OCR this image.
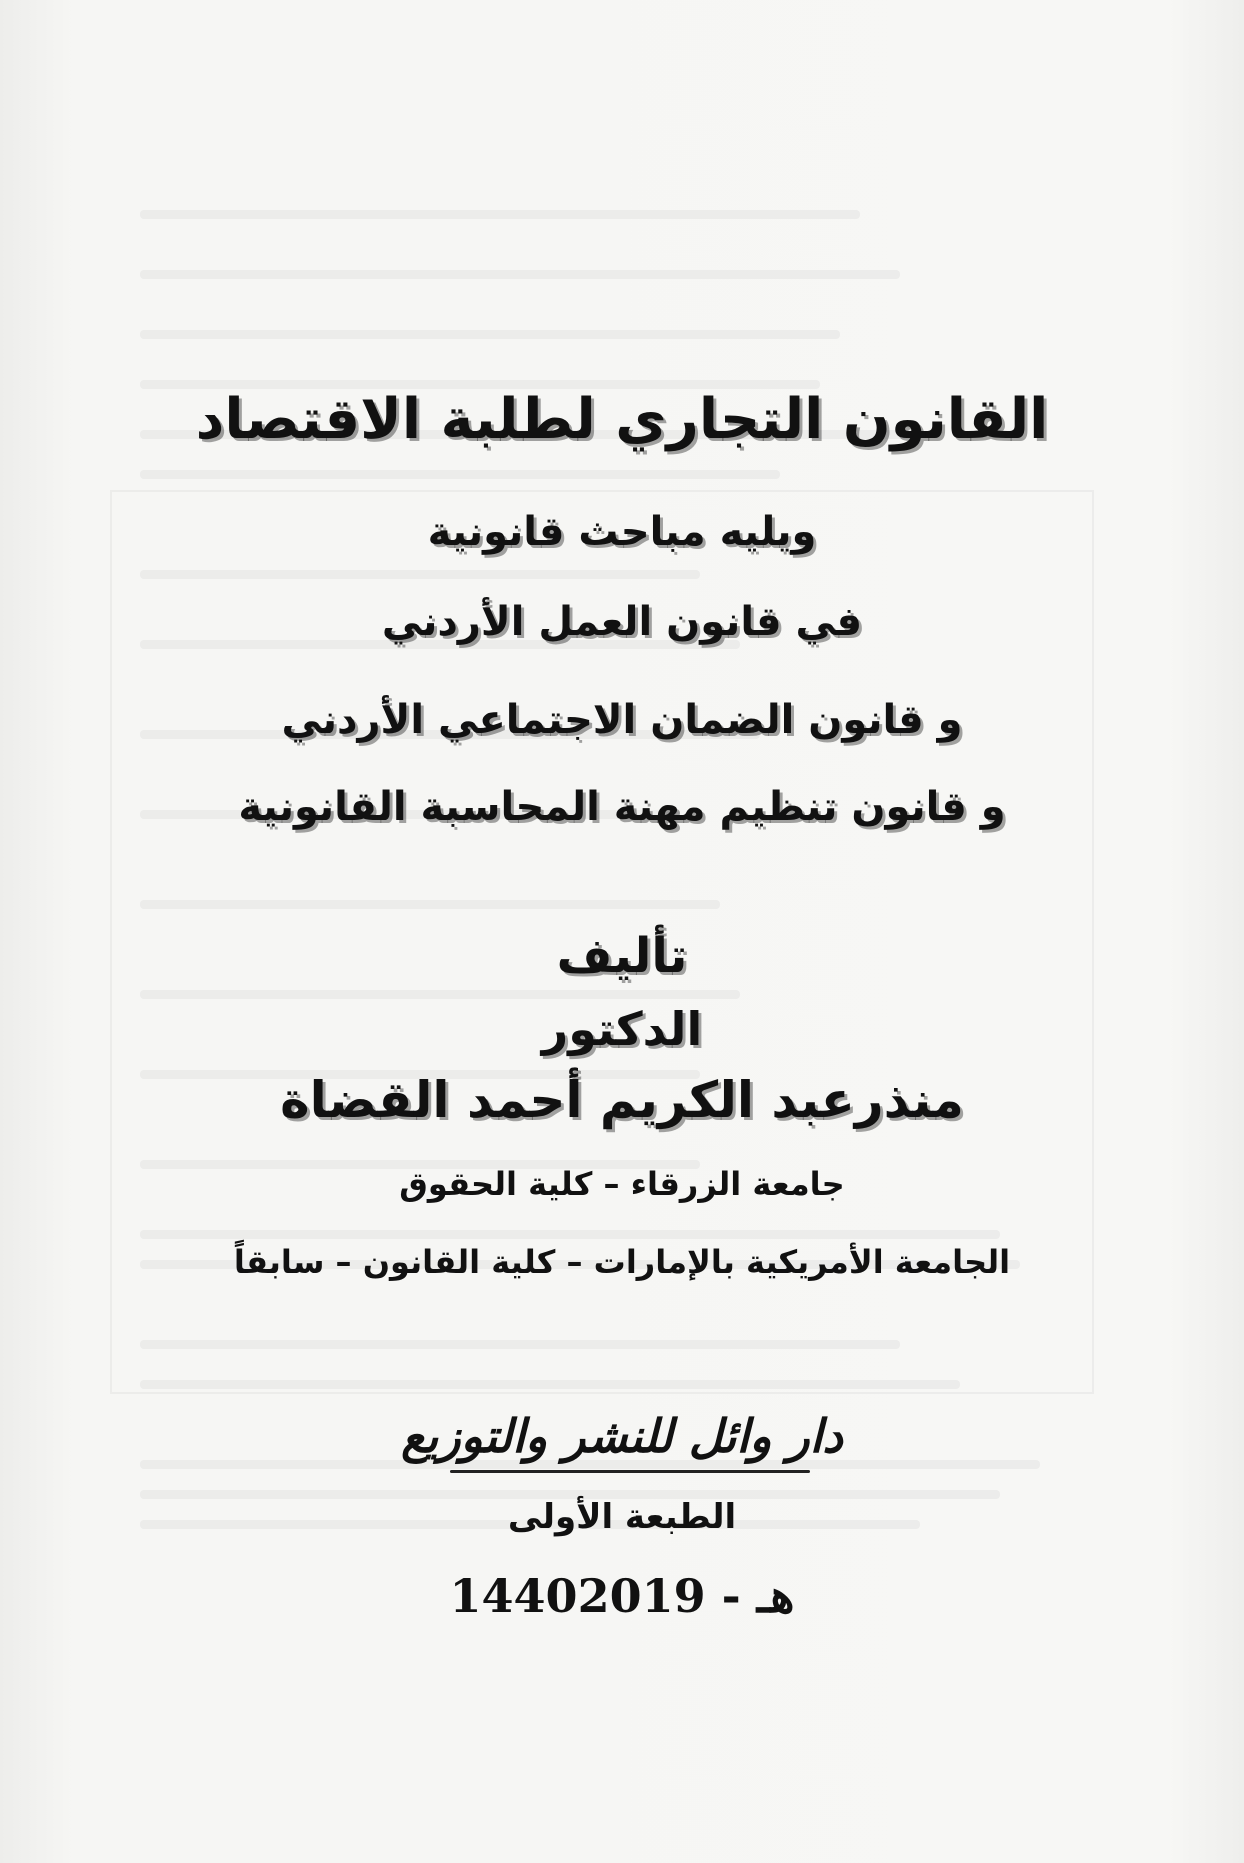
القانون التجاري لطلبة الاقتصاد
ويليه مباحث قانونية
في قانون العمل الأردني
و قانون الضمان الاجتماعي الأردني
و قانون تنظيم مهنة المحاسبة القانونية
تأليف
الدكتور
منذرعبد الكريم أحمد القضاة
جامعة الزرقاء – كلية الحقوق
الجامعة الأمريكية بالإمارات – كلية القانون – سابقاً
دار وائل للنشر والتوزيع
الطبعة الأولى
1440هـ - 2019
